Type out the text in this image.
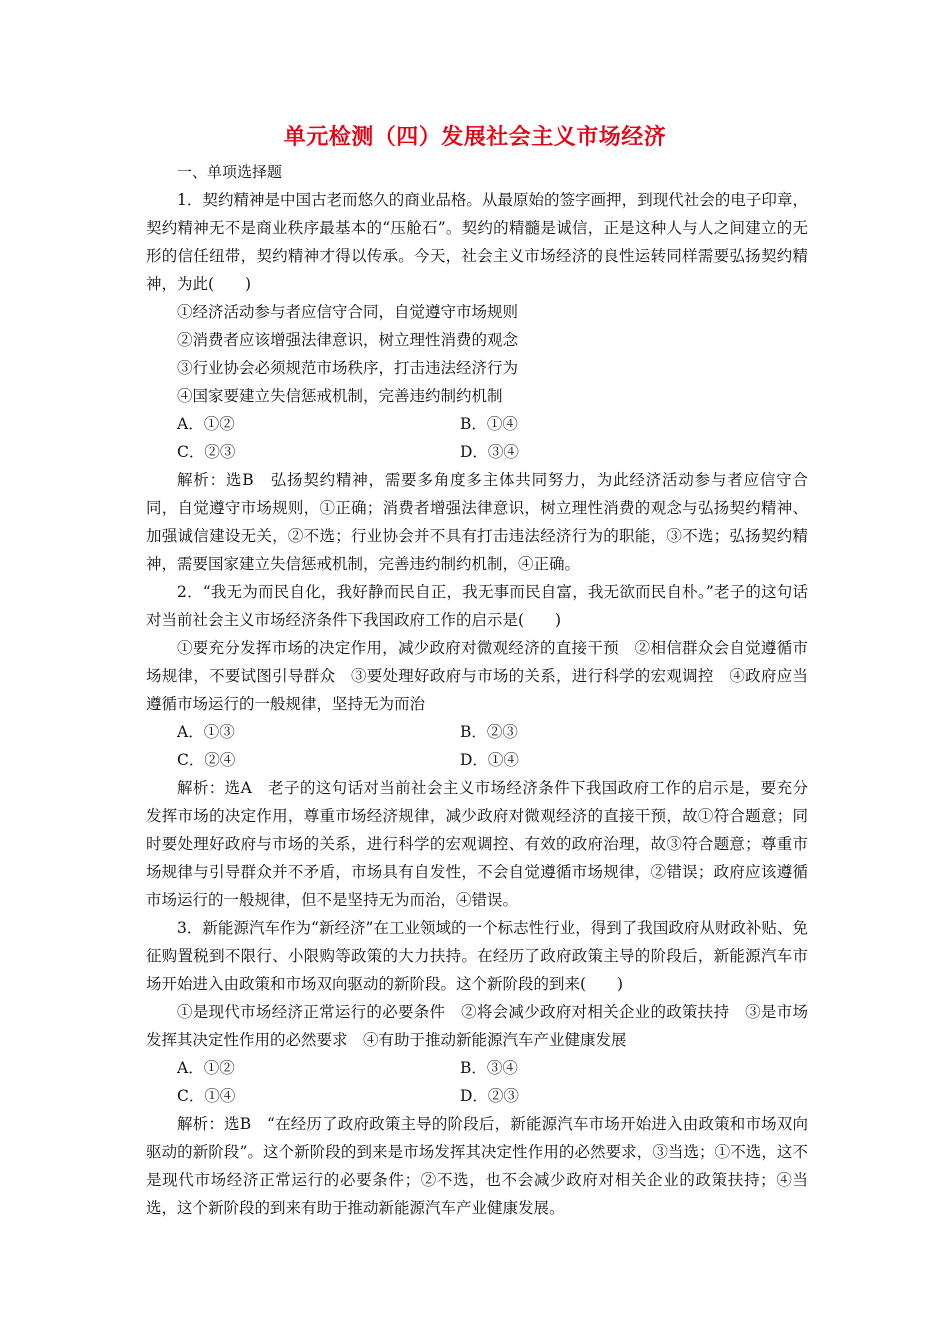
单元检测（四）发展社会主义市场经济

一、单项选择题

1．契约精神是中国古老而悠久的商业品格。从最原始的签字画押，到现代社会的电子印章，契约精神无不是商业秩序最基本的“压舱石”。契约的精髓是诚信，正是这种人与人之间建立的无形的信任纽带，契约精神才得以传承。今天，社会主义市场经济的良性运转同样需要弘扬契约精神，为此(　　)

①经济活动参与者应信守合同，自觉遵守市场规则

②消费者应该增强法律意识，树立理性消费的观念

③行业协会必须规范市场秩序，打击违法经济行为

④国家要建立失信惩戒机制，完善违约制约机制

A．①②	B．①④
C．②③	D．③④

解析：选B　弘扬契约精神，需要多角度多主体共同努力，为此经济活动参与者应信守合同，自觉遵守市场规则，①正确；消费者增强法律意识，树立理性消费的观念与弘扬契约精神、加强诚信建设无关，②不选；行业协会并不具有打击违法经济行为的职能，③不选；弘扬契约精神，需要国家建立失信惩戒机制，完善违约制约机制，④正确。

2．“我无为而民自化，我好静而民自正，我无事而民自富，我无欲而民自朴。”老子的这句话对当前社会主义市场经济条件下我国政府工作的启示是(　　)

①要充分发挥市场的决定作用，减少政府对微观经济的直接干预　②相信群众会自觉遵循市场规律，不要试图引导群众　③要处理好政府与市场的关系，进行科学的宏观调控　④政府应当遵循市场运行的一般规律，坚持无为而治

A．①③	B．②③
C．②④	D．①④

解析：选A　老子的这句话对当前社会主义市场经济条件下我国政府工作的启示是，要充分发挥市场的决定作用，尊重市场经济规律，减少政府对微观经济的直接干预，故①符合题意；同时要处理好政府与市场的关系，进行科学的宏观调控、有效的政府治理，故③符合题意；尊重市场规律与引导群众并不矛盾，市场具有自发性，不会自觉遵循市场规律，②错误；政府应该遵循市场运行的一般规律，但不是坚持无为而治，④错误。

3．新能源汽车作为“新经济”在工业领域的一个标志性行业，得到了我国政府从财政补贴、免征购置税到不限行、小限购等政策的大力扶持。在经历了政府政策主导的阶段后，新能源汽车市场开始进入由政策和市场双向驱动的新阶段。这个新阶段的到来(　　)

①是现代市场经济正常运行的必要条件　②将会减少政府对相关企业的政策扶持　③是市场发挥其决定性作用的必然要求　④有助于推动新能源汽车产业健康发展

A．①②	B．③④
C．①④	D．②③

解析：选B　“在经历了政府政策主导的阶段后，新能源汽车市场开始进入由政策和市场双向驱动的新阶段”。这个新阶段的到来是市场发挥其决定性作用的必然要求，③当选；①不选，这不是现代市场经济正常运行的必要条件；②不选，也不会减少政府对相关企业的政策扶持；④当选，这个新阶段的到来有助于推动新能源汽车产业健康发展。
